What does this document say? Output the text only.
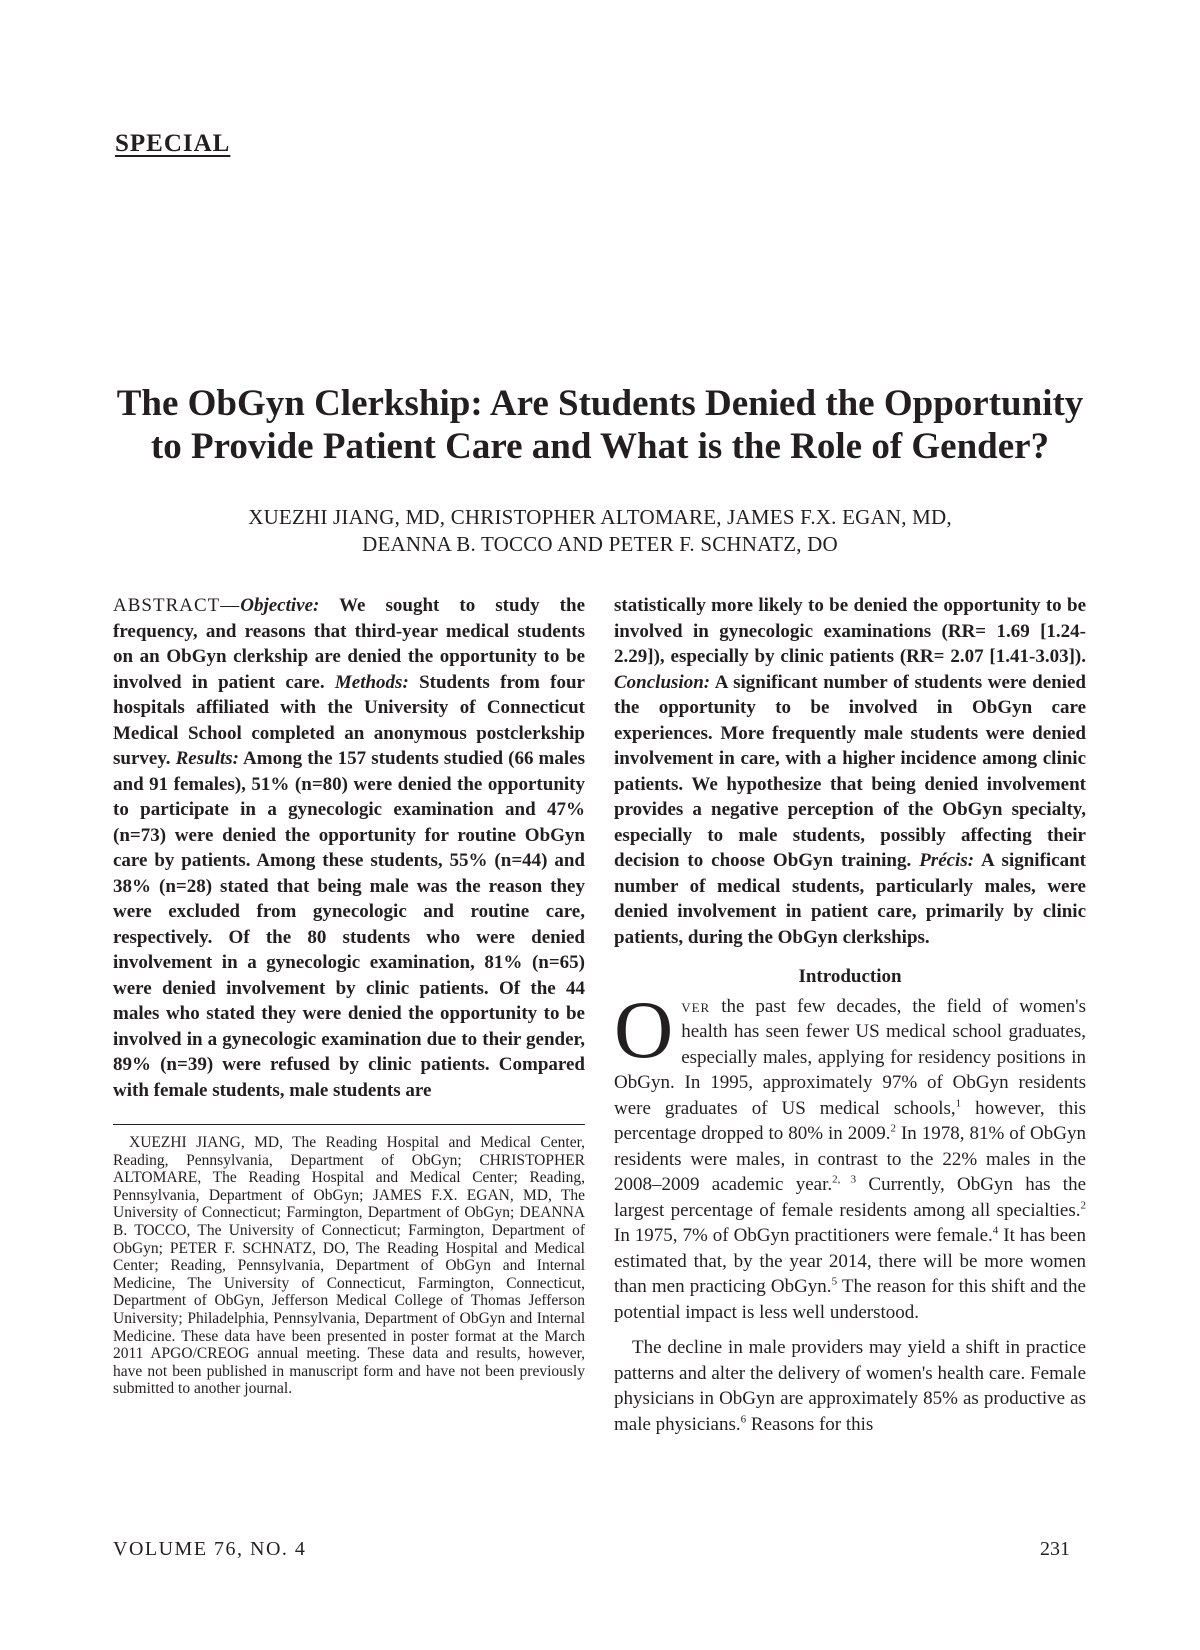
SPECIAL
The ObGyn Clerkship: Are Students Denied the Opportunity to Provide Patient Care and What is the Role of Gender?
XUEZHI JIANG, MD, CHRISTOPHER ALTOMARE, JAMES F.X. EGAN, MD,
DEANNA B. TOCCO AND PETER F. SCHNATZ, DO

ABSTRACT—Objective: We sought to study the frequency, and reasons that third-year medical students on an ObGyn clerkship are denied the opportunity to be involved in patient care. Methods: Students from four hospitals affiliated with the University of Connecticut Medical School completed an anonymous postclerkship survey. Results: Among the 157 students studied (66 males and 91 females), 51% (n=80) were denied the opportunity to participate in a gynecologic examination and 47% (n=73) were denied the opportunity for routine ObGyn care by patients. Among these students, 55% (n=44) and 38% (n=28) stated that being male was the reason they were excluded from gynecologic and routine care, respectively. Of the 80 students who were denied involvement in a gynecologic examination, 81% (n=65) were denied involvement by clinic patients. Of the 44 males who stated they were denied the opportunity to be involved in a gynecologic examination due to their gender, 89% (n=39) were refused by clinic patients. Compared with female students, male students are

XUEZHI JIANG, MD, The Reading Hospital and Medical Center, Reading, Pennsylvania, Department of ObGyn; CHRISTOPHER ALTOMARE, The Reading Hospital and Medical Center; Reading, Pennsylvania, Department of ObGyn; JAMES F.X. EGAN, MD, The University of Connecticut; Farmington, Department of ObGyn; DEANNA B. TOCCO, The University of Connecticut; Farmington, Department of ObGyn; PETER F. SCHNATZ, DO, The Reading Hospital and Medical Center; Reading, Pennsylvania, Department of ObGyn and Internal Medicine, The University of Connecticut, Farmington, Connecticut, Department of ObGyn, Jefferson Medical College of Thomas Jefferson University; Philadelphia, Pennsylvania, Department of ObGyn and Internal Medicine. These data have been presented in poster format at the March 2011 APGO/CREOG annual meeting. These data and results, however, have not been published in manuscript form and have not been previously submitted to another journal.

statistically more likely to be denied the opportunity to be involved in gynecologic examinations (RR= 1.69 [1.24-2.29]), especially by clinic patients (RR= 2.07 [1.41-3.03]). Conclusion: A significant number of students were denied the opportunity to be involved in ObGyn care experiences. More frequently male students were denied involvement in care, with a higher incidence among clinic patients. We hypothesize that being denied involvement provides a negative perception of the ObGyn specialty, especially to male students, possibly affecting their decision to choose ObGyn training. Précis: A significant number of medical students, particularly males, were denied involvement in patient care, primarily by clinic patients, during the ObGyn clerkships.

Introduction

Over the past few decades, the field of women's health has seen fewer US medical school graduates, especially males, applying for residency positions in ObGyn. In 1995, approximately 97% of ObGyn residents were graduates of US medical schools,$^1$ however, this percentage dropped to 80% in 2009.$^2$ In 1978, 81% of ObGyn residents were males, in contrast to the 22% males in the 2008–2009 academic year.$^{2, 3}$ Currently, ObGyn has the largest percentage of female residents among all specialties.$^2$ In 1975, 7% of ObGyn practitioners were female.$^4$ It has been estimated that, by the year 2014, there will be more women than men practicing ObGyn.$^5$ The reason for this shift and the potential impact is less well understood.

The decline in male providers may yield a shift in practice patterns and alter the delivery of women's health care. Female physicians in ObGyn are approximately 85% as productive as male physicians.$^6$ Reasons for this

VOLUME 76, NO. 4	231
